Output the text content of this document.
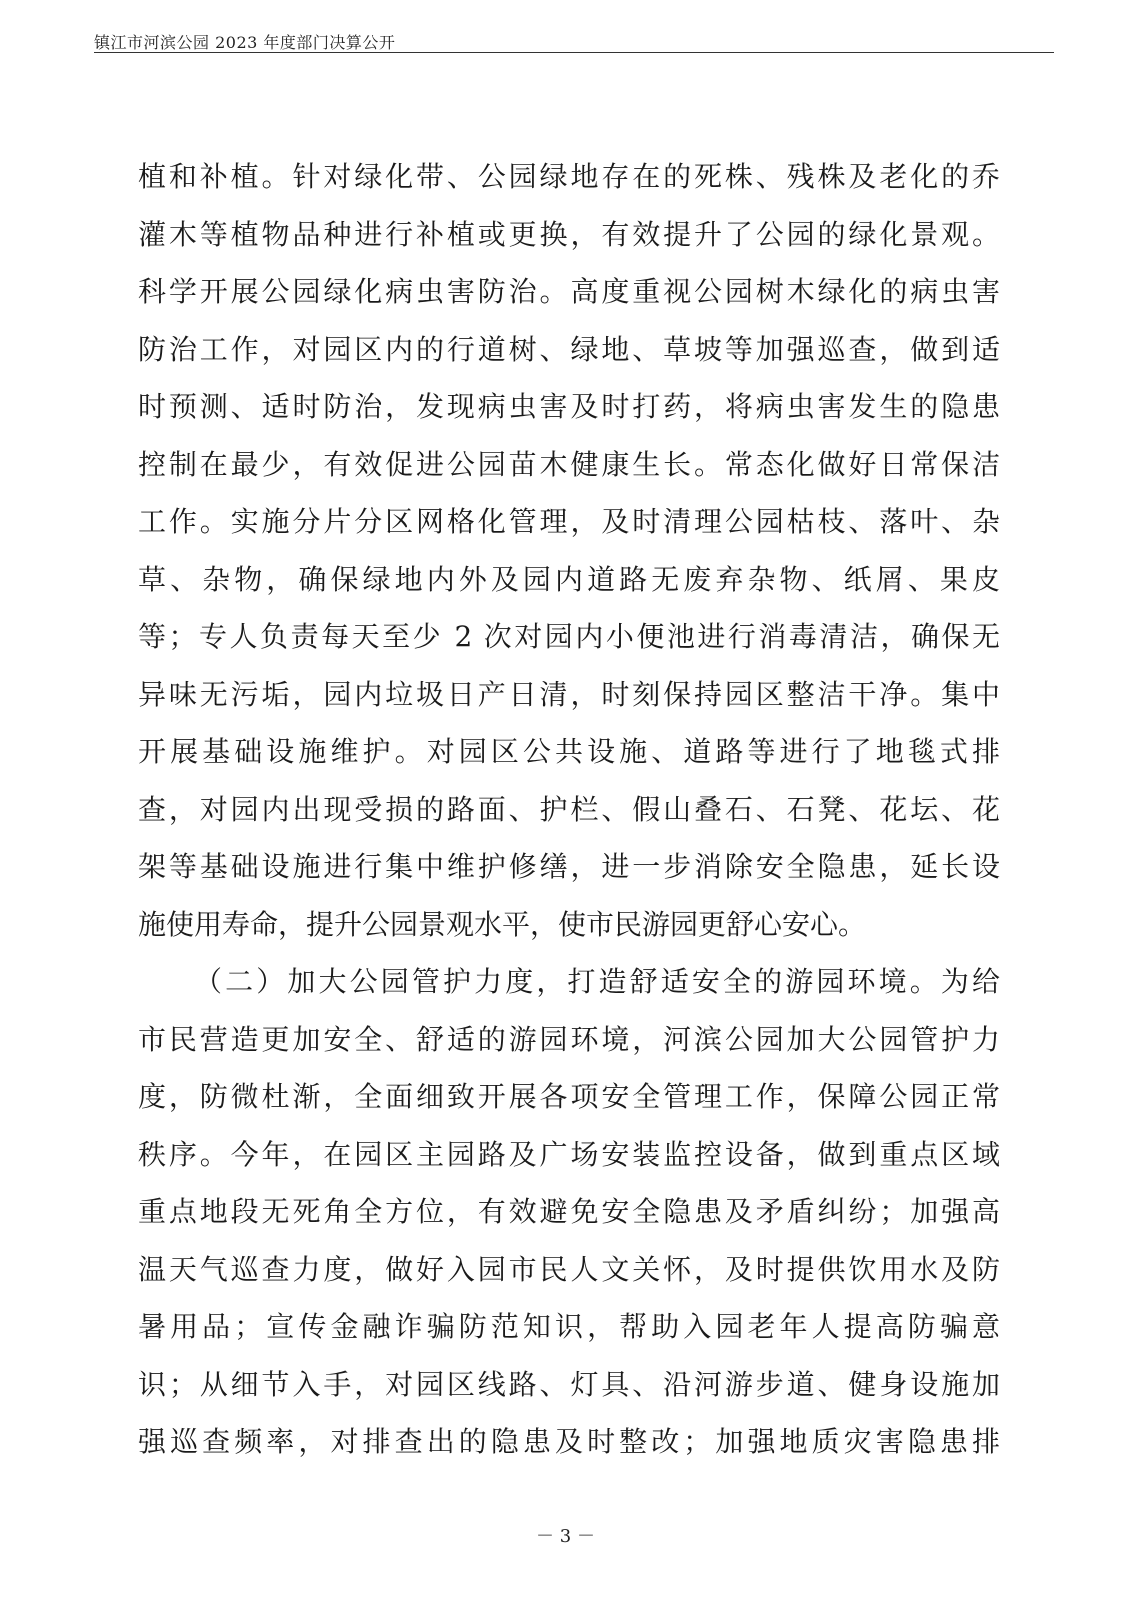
镇江市河滨公园 2023 年度部门决算公开
植和补植。针对绿化带、公园绿地存在的死株、残株及老化的乔
灌木等植物品种进行补植或更换，有效提升了公园的绿化景观。
科学开展公园绿化病虫害防治。高度重视公园树木绿化的病虫害
防治工作，对园区内的行道树、绿地、草坡等加强巡查，做到适
时预测、适时防治，发现病虫害及时打药，将病虫害发生的隐患
控制在最少，有效促进公园苗木健康生长。常态化做好日常保洁
工作。实施分片分区网格化管理，及时清理公园枯枝、落叶、杂
草、杂物，确保绿地内外及园内道路无废弃杂物、纸屑、果皮
等；专人负责每天至少 2 次对园内小便池进行消毒清洁，确保无
异味无污垢，园内垃圾日产日清，时刻保持园区整洁干净。集中
开展基础设施维护。对园区公共设施、道路等进行了地毯式排
查，对园内出现受损的路面、护栏、假山叠石、石凳、花坛、花
架等基础设施进行集中维护修缮，进一步消除安全隐患，延长设
施使用寿命，提升公园景观水平，使市民游园更舒心安心。
（二）加大公园管护力度，打造舒适安全的游园环境。为给
市民营造更加安全、舒适的游园环境，河滨公园加大公园管护力
度，防微杜渐，全面细致开展各项安全管理工作，保障公园正常
秩序。今年，在园区主园路及广场安装监控设备，做到重点区域
重点地段无死角全方位，有效避免安全隐患及矛盾纠纷；加强高
温天气巡查力度，做好入园市民人文关怀，及时提供饮用水及防
暑用品；宣传金融诈骗防范知识，帮助入园老年人提高防骗意
识；从细节入手，对园区线路、灯具、沿河游步道、健身设施加
强巡查频率，对排查出的隐患及时整改；加强地质灾害隐患排
－ 3 －
